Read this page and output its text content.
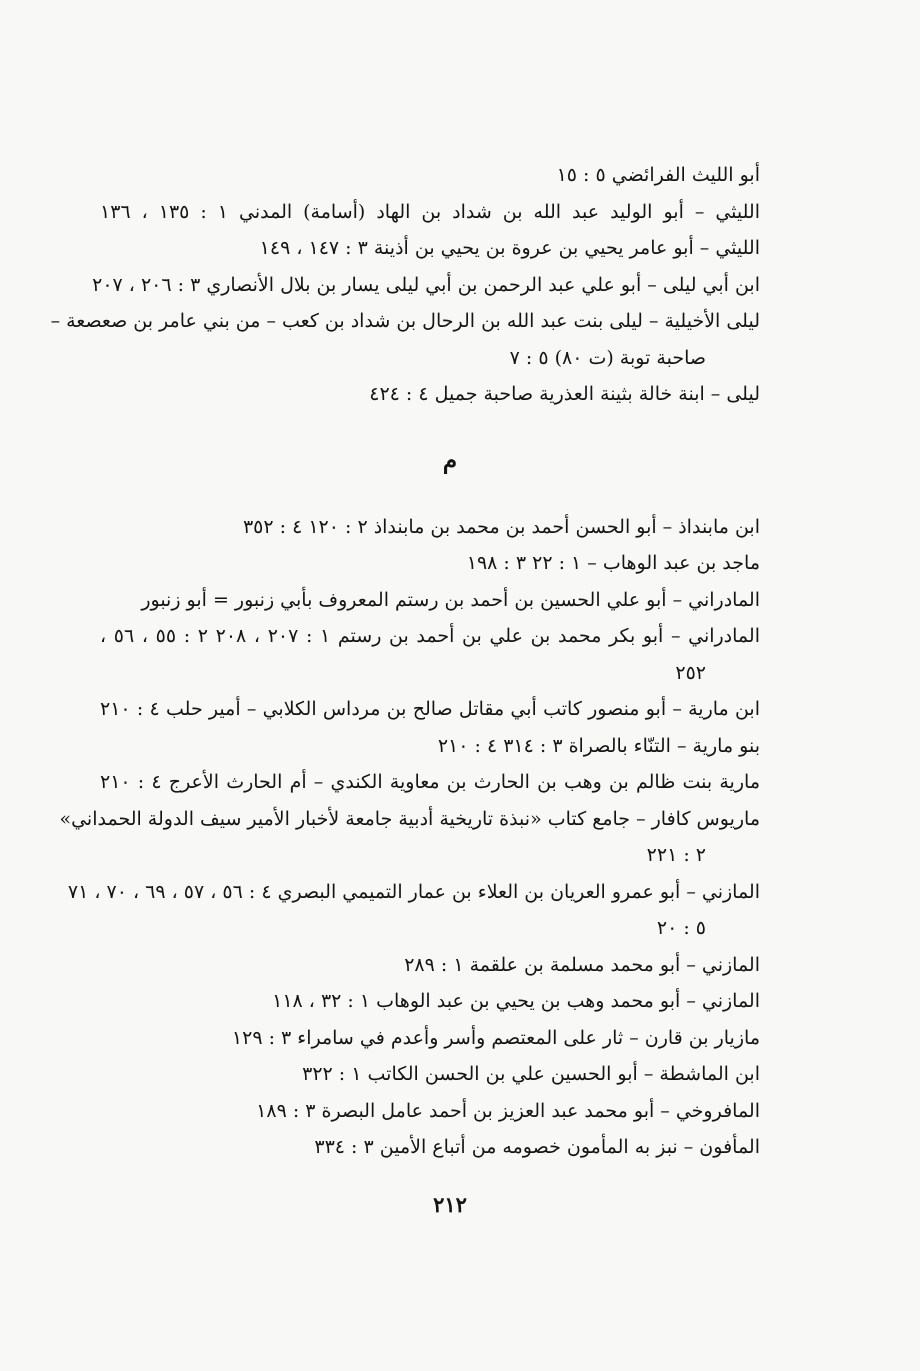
أبو الليث الفرائضي ٥ : ١٥
الليثي – أبو الوليد عبد الله بن شداد بن الهاد (أسامة) المدني ١ : ١٣٥ ، ١٣٦
الليثي – أبو عامر يحيي بن عروة بن يحيي بن أذينة ٣ : ١٤٧ ، ١٤٩
ابن أبي ليلى – أبو علي عبد الرحمن بن أبي ليلى يسار بن بلال الأنصاري ٣ : ٢٠٦ ، ٢٠٧
ليلى الأخيلية – ليلى بنت عبد الله بن الرحال بن شداد بن كعب – من بني عامر بن صعصعة –
صاحبة توبة (ت ٨٠) ٥ : ٧
ليلى – ابنة خالة بثينة العذرية صاحبة جميل ٤ : ٤٢٤
م
ابن مابنداذ – أبو الحسن أحمد بن محمد بن مابنداذ ٢ : ١٢٠ ٤ : ٣٥٢
ماجد بن عبد الوهاب – ١ : ٢٢ ٣ : ١٩٨
المادراني – أبو علي الحسين بن أحمد بن رستم المعروف بأبي زنبور = أبو زنبور
المادراني – أبو بكر محمد بن علي بن أحمد بن رستم ١ : ٢٠٧ ، ٢٠٨ ٢ : ٥٥ ، ٥٦ ،
٢٥٢
ابن مارية – أبو منصور كاتب أبي مقاتل صالح بن مرداس الكلابي – أمير حلب ٤ : ٢١٠
بنو مارية – التنّاء بالصراة ٣ : ٣١٤ ٤ : ٢١٠
مارية بنت ظالم بن وهب بن الحارث بن معاوية الكندي – أم الحارث الأعرج ٤ : ٢١٠
ماريوس كافار – جامع كتاب «نبذة تاريخية أدبية جامعة لأخبار الأمير سيف الدولة الحمداني»
٢ : ٢٢١
المازني – أبو عمرو العريان بن العلاء بن عمار التميمي البصري ٤ : ٥٦ ، ٥٧ ، ٦٩ ، ٧٠ ، ٧١
٥ : ٢٠
المازني – أبو محمد مسلمة بن علقمة ١ : ٢٨٩
المازني – أبو محمد وهب بن يحيي بن عبد الوهاب ١ : ٣٢ ، ١١٨
مازيار بن قارن – ثار على المعتصم وأسر وأعدم في سامراء ٣ : ١٢٩
ابن الماشطة – أبو الحسين علي بن الحسن الكاتب ١ : ٣٢٢
المافروخي – أبو محمد عبد العزيز بن أحمد عامل البصرة ٣ : ١٨٩
المأفون – نبز به المأمون خصومه من أتباع الأمين ٣ : ٣٣٤
٢١٢
